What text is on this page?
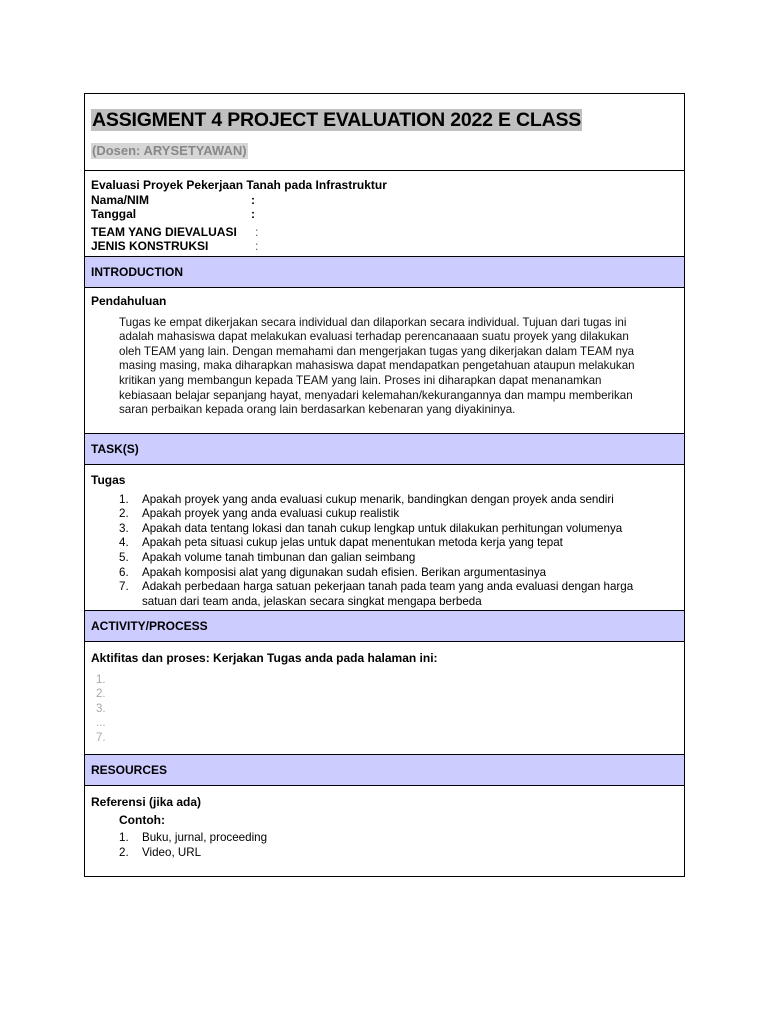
ASSIGMENT 4 PROJECT EVALUATION 2022 E CLASS
(Dosen: ARYSETYAWAN)
Evaluasi Proyek Pekerjaan Tanah pada Infrastruktur
Nama/NIM	:
Tanggal	:
TEAM YANG DIEVALUASI	:
JENIS KONSTRUKSI	:
INTRODUCTION
Pendahuluan
Tugas ke empat dikerjakan secara individual dan dilaporkan secara individual. Tujuan dari tugas ini
adalah mahasiswa dapat melakukan evaluasi terhadap perencanaaan suatu proyek yang dilakukan
oleh TEAM yang lain. Dengan memahami dan mengerjakan tugas yang dikerjakan dalam TEAM nya
masing masing, maka diharapkan mahasiswa dapat mendapatkan pengetahuan ataupun melakukan
kritikan yang membangun kepada TEAM yang lain. Proses ini diharapkan dapat menanamkan
kebiasaan belajar sepanjang hayat, menyadari kelemahan/kekurangannya dan mampu memberikan
saran perbaikan kepada orang lain berdasarkan kebenaran yang diyakininya.
TASK(S)
Tugas
1.	Apakah proyek yang anda evaluasi cukup menarik, bandingkan dengan proyek anda sendiri
2.	Apakah proyek yang anda evaluasi cukup realistik
3.	Apakah data tentang lokasi dan tanah cukup lengkap untuk dilakukan perhitungan volumenya
4.	Apakah peta situasi cukup jelas untuk dapat menentukan metoda kerja yang tepat
5.	Apakah volume tanah timbunan dan galian seimbang
6.	Apakah komposisi alat yang digunakan sudah efisien. Berikan argumentasinya
7.	Adakah perbedaan harga satuan pekerjaan tanah pada team yang anda evaluasi dengan harga
satuan dari team anda, jelaskan secara singkat mengapa berbeda
ACTIVITY/PROCESS
Aktifitas dan proses: Kerjakan Tugas anda pada halaman ini:
1.
2.
3.
...
7.
RESOURCES
Referensi (jika ada)
Contoh:
1.	Buku, jurnal, proceeding
2.	Video, URL
